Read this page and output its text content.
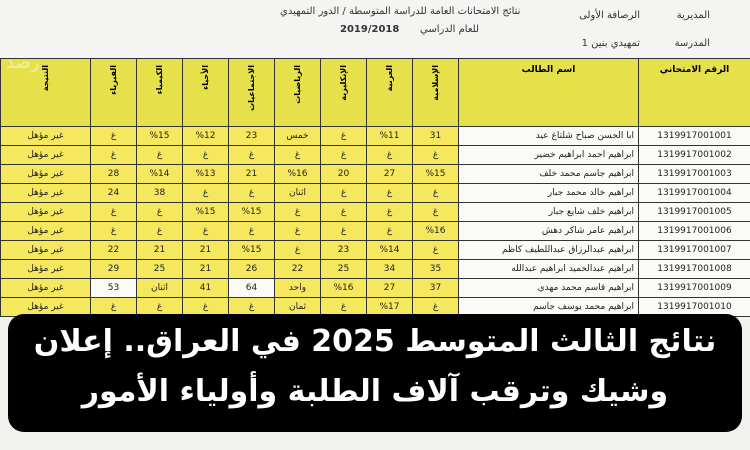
المديرية
الرصافة الأولى
المدرسة
تمهيدي بنين 1
نتائج الامتحانات العامة للدراسة المتوسطة / الدور التمهيدي
للعام الدراسي
2019/2018
	الرقم الامتحاني	اسم الطالب	الإسلامية	العربية	الإنكليزية	الرياضيات	الاجتماعيات	الأحياء	الكيمياء	الفيزياء	النتيجة
	1319917001001	ابا الحسن صباح شلتاغ عيد	31	%11	غ	خمس	23	%12	%15	غ	غير مؤهل
	1319917001002	ابراهيم احمد ابراهيم خضير	غ	غ	غ	غ	غ	غ	غ	غ	غير مؤهل
	1319917001003	ابراهيم جاسم محمد خلف	%15	27	20	%16	21	%13	%14	28	غير مؤهل
	1319917001004	ابراهيم خالد محمد جبار	غ	غ	غ	اثنان	غ	غ	38	24	غير مؤهل
	1319917001005	ابراهيم خلف شايع جبار	غ	غ	غ	غ	%15	%15	غ	غ	غير مؤهل
	1319917001006	ابراهيم عامر شاكر دهش	%16	غ	غ	غ	غ	غ	غ	غ	غير مؤهل
	1319917001007	ابراهيم عبدالرزاق عبداللطيف كاظم	غ	%14	23	غ	%15	21	21	22	غير مؤهل
	1319917001008	ابراهيم عبدالحميد ابراهيم عبدالله	35	34	25	22	26	21	25	29	غير مؤهل
	1319917001009	ابراهيم قاسم محمد مهدي	37	27	%16	واحد	64	41	اثنان	53	غير مؤهل
	1319917001010	ابراهيم محمد يوسف جاسم	غ	%17	غ	ثمان	غ	غ	غ	غ	غير مؤهل
رصد
نتائج الثالث المتوسط 2025 في العراق.. إعلان
وشيك وترقب آلاف الطلبة وأولياء الأمور
